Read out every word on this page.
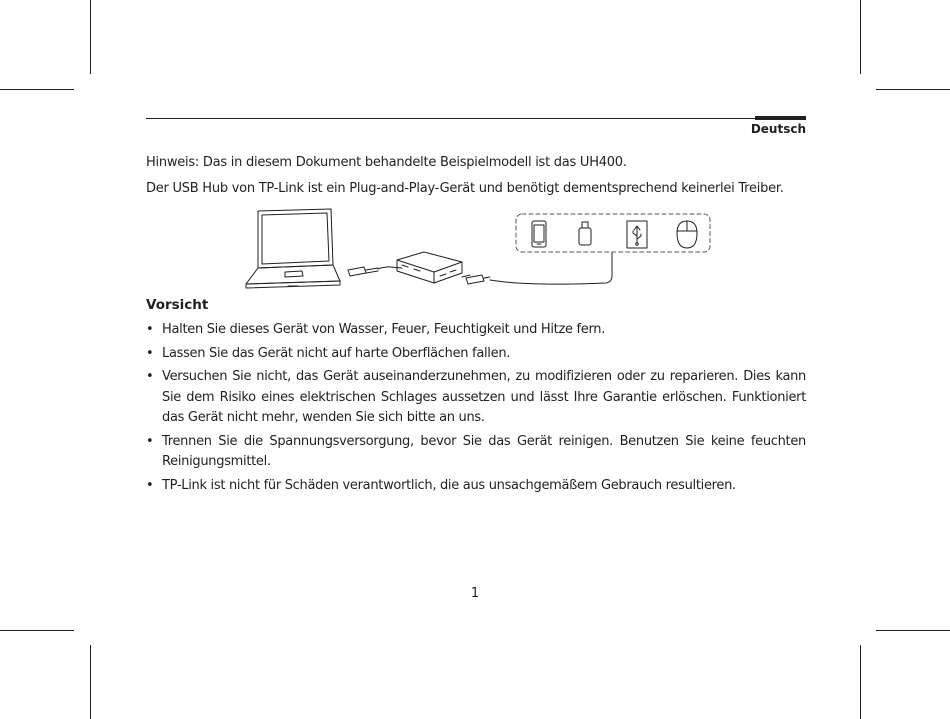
Deutsch
Hinweis: Das in diesem Dokument behandelte Beispielmodell ist das UH400.
Der USB Hub von TP-Link ist ein Plug-and-Play-Gerät und benötigt dementsprechend keinerlei Treiber.
Vorsicht
• Halten Sie dieses Gerät von Wasser, Feuer, Feuchtigkeit und Hitze fern.
• Lassen Sie das Gerät nicht auf harte Oberflächen fallen.
• Versuchen Sie nicht, das Gerät auseinanderzunehmen, zu modifizieren oder zu reparieren. Dies kann Sie dem Risiko eines elektrischen Schlages aussetzen und lässt Ihre Garantie erlöschen. Funktioniert das Gerät nicht mehr, wenden Sie sich bitte an uns.
• Trennen Sie die Spannungsversorgung, bevor Sie das Gerät reinigen. Benutzen Sie keine feuchten Reinigungsmittel.
• TP-Link ist nicht für Schäden verantwortlich, die aus unsachgemäßem Gebrauch resultieren.
1
